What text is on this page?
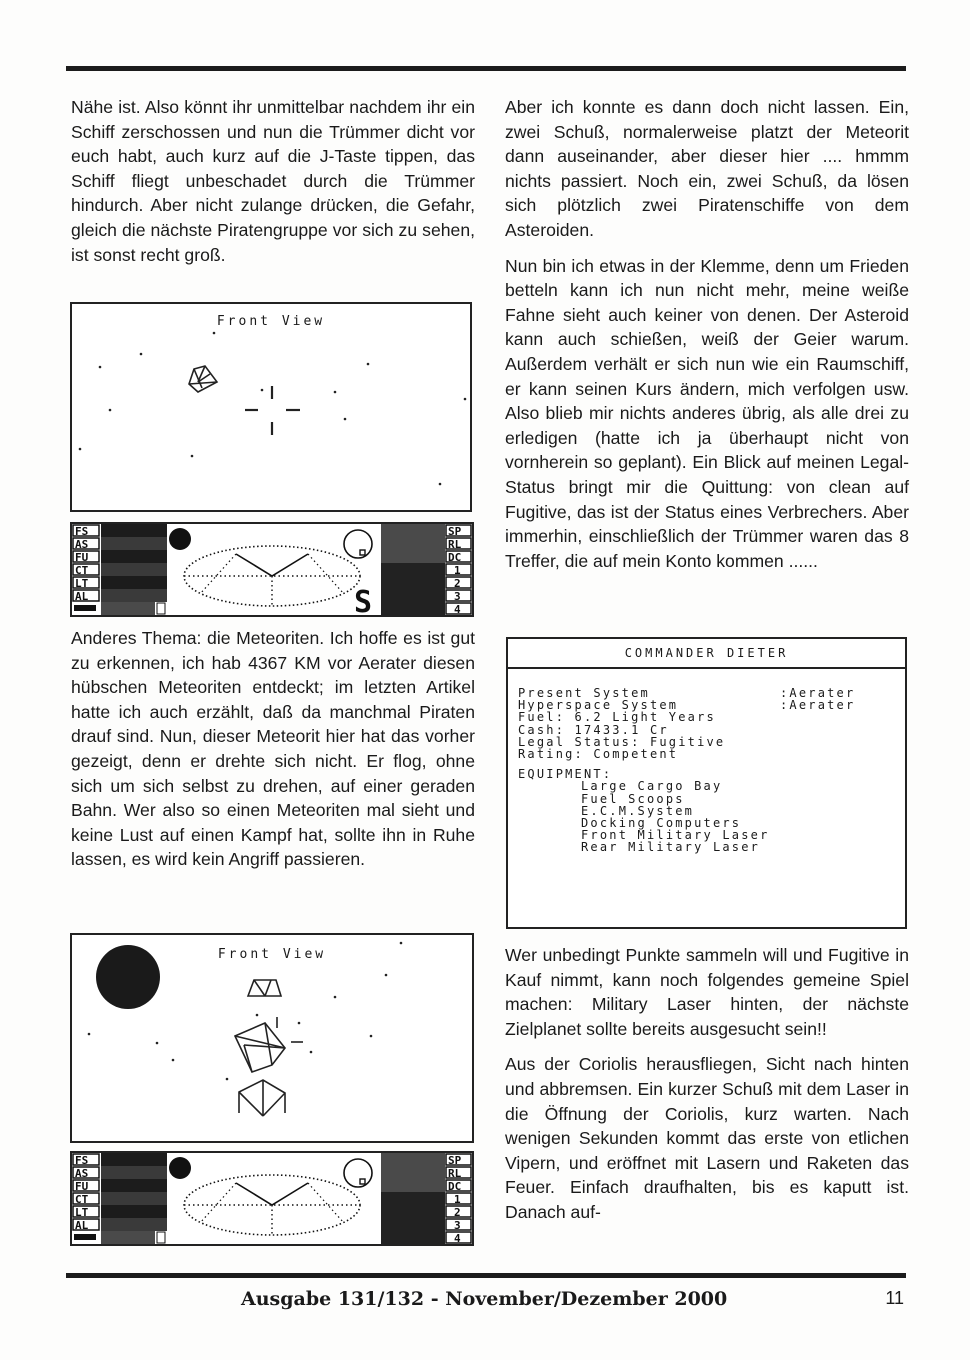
Nähe ist. Also könnt ihr unmittelbar nachdem ihr ein Schiff zerschossen und nun die Trümmer dicht vor euch habt, auch kurz auf die J-Taste tippen, das Schiff fliegt unbeschadet durch die Trümmer hindurch. Aber nicht zulange drücken, die Gefahr, gleich die nächste Piratengruppe vor sich zu sehen, ist sonst recht groß.

Front View
FS
AS
FU
CT
LT
AL	S
SP
RL
DC
1
2
3
4

Anderes Thema: die Meteoriten. Ich hoffe es ist gut zu erkennen, ich hab 4367 KM vor Aerater diesen hübschen Meteoriten entdeckt; im letzten Artikel hatte ich auch erzählt, daß da manchmal Piraten drauf sind. Nun, dieser Meteorit hier hat das vorher gezeigt, denn er drehte sich nicht. Er flog, ohne sich um sich selbst zu drehen, auf einer geraden Bahn. Wer also so einen Meteoriten mal sieht und keine Lust auf einen Kampf hat, sollte ihn in Ruhe lassen, es wird kein Angriff passieren.

Front View
FS
AS
FU
CT
LT
AL
SP
RL
DC
1
2
3
4

Aber ich konnte es dann doch nicht lassen. Ein, zwei Schuß, normalerweise platzt der Meteorit dann auseinander, aber dieser hier .... hmmm nichts passiert. Noch ein, zwei Schuß, da lösen sich plötzlich zwei Piratenschiffe von dem Asteroiden.

Nun bin ich etwas in der Klemme, denn um Frieden betteln kann ich nun nicht mehr, meine weiße Fahne sieht auch keiner von denen. Der Asteroid kann auch schießen, weiß der Geier warum. Außerdem verhält er sich nun wie ein Raumschiff, er kann seinen Kurs ändern, mich verfolgen usw. Also blieb mir nichts anderes übrig, als alle drei zu erledigen (hatte ich ja überhaupt nicht von vornherein so geplant). Ein Blick auf meinen Legal-Status bringt mir die Quittung: von clean auf Fugitive, das ist der Status eines Verbrechers. Aber immerhin, einschließlich der Trümmer waren das 8 Treffer, die auf mein Konto kommen ......

COMMANDER DIETER
Present System	:Aerater
Hyperspace System	:Aerater
Fuel: 6.2 Light Years
Cash: 17433.1 Cr
Legal Status: Fugitive
Rating: Competent
EQUIPMENT:
Large Cargo Bay
Fuel Scoops
E.C.M.System
Docking Computers
Front Military Laser
Rear Military Laser

Wer unbedingt Punkte sammeln will und Fugitive in Kauf nimmt, kann noch folgendes gemeine Spiel machen: Military Laser hinten, der nächste Zielplanet sollte bereits ausgesucht sein!!

Aus der Coriolis herausfliegen, Sicht nach hinten und abbremsen. Ein kurzer Schuß mit dem Laser in die Öffnung der Coriolis, kurz warten. Nach wenigen Sekunden kommt das erste von etlichen Vipern, und eröffnet mit Lasern und Raketen das Feuer. Einfach draufhalten, bis es kaputt ist. Danach auf-

Ausgabe 131/132 - November/Dezember 2000	11
